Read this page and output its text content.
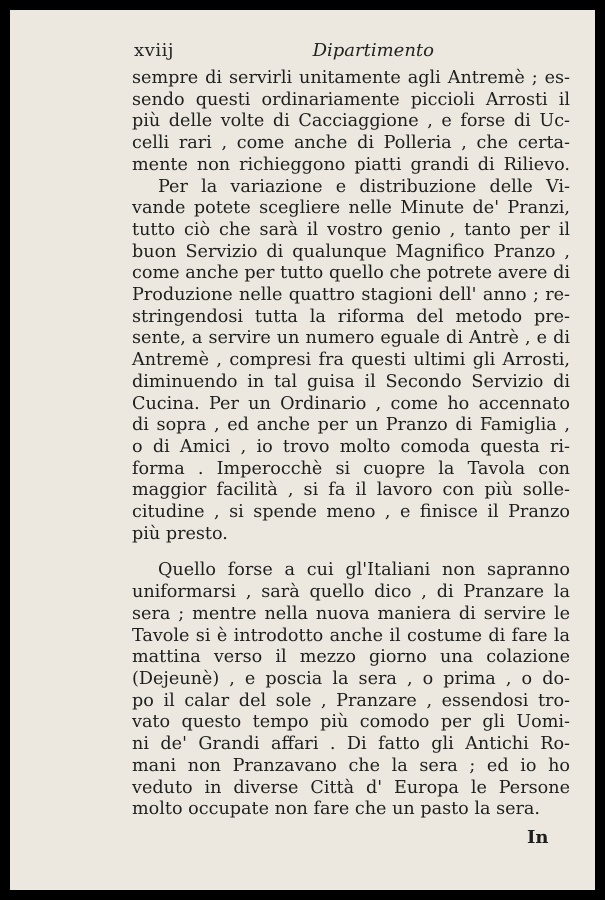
xviij	Dipartimento

sempre di servirli unitamente agli Antremè ; es-
sendo questi ordinariamente piccioli Arrosti il
più delle volte di Cacciaggione , e forse di Uc-
celli rari , come anche di Polleria , che certa-
mente non richieggono piatti grandi di Rilievo.

Per la variazione e distribuzione delle Vi-
vande potete scegliere nelle Minute de' Pranzi,
tutto ciò che sarà il vostro genio , tanto per il
buon Servizio di qualunque Magnifico Pranzo ,
come anche per tutto quello che potrete avere di
Produzione nelle quattro stagioni dell' anno ; re-
stringendosi tutta la riforma del metodo pre-
sente, a servire un numero eguale di Antrè , e di
Antremè , compresi fra questi ultimi gli Arrosti,
diminuendo in tal guisa il Secondo Servizio di
Cucina. Per un Ordinario , come ho accennato
di sopra , ed anche per un Pranzo di Famiglia ,
o di Amici , io trovo molto comoda questa ri-
forma . Imperocchè si cuopre la Tavola con
maggior facilità , si fa il lavoro con più solle-
citudine , si spende meno , e finisce il Pranzo
più presto.

Quello forse a cui gl'Italiani non sapranno
uniformarsi , sarà quello dico , di Pranzare la
sera ; mentre nella nuova maniera di servire le
Tavole si è introdotto anche il costume di fare la
mattina verso il mezzo giorno una colazione
(Dejeunè) , e poscia la sera , o prima , o do-
po il calar del sole , Pranzare , essendosi tro-
vato questo tempo più comodo per gli Uomi-
ni de' Grandi affari . Di fatto gli Antichi Ro-
mani non Pranzavano che la sera ; ed io ho
veduto in diverse Città d' Europa le Persone
molto occupate non fare che un pasto la sera.

In
